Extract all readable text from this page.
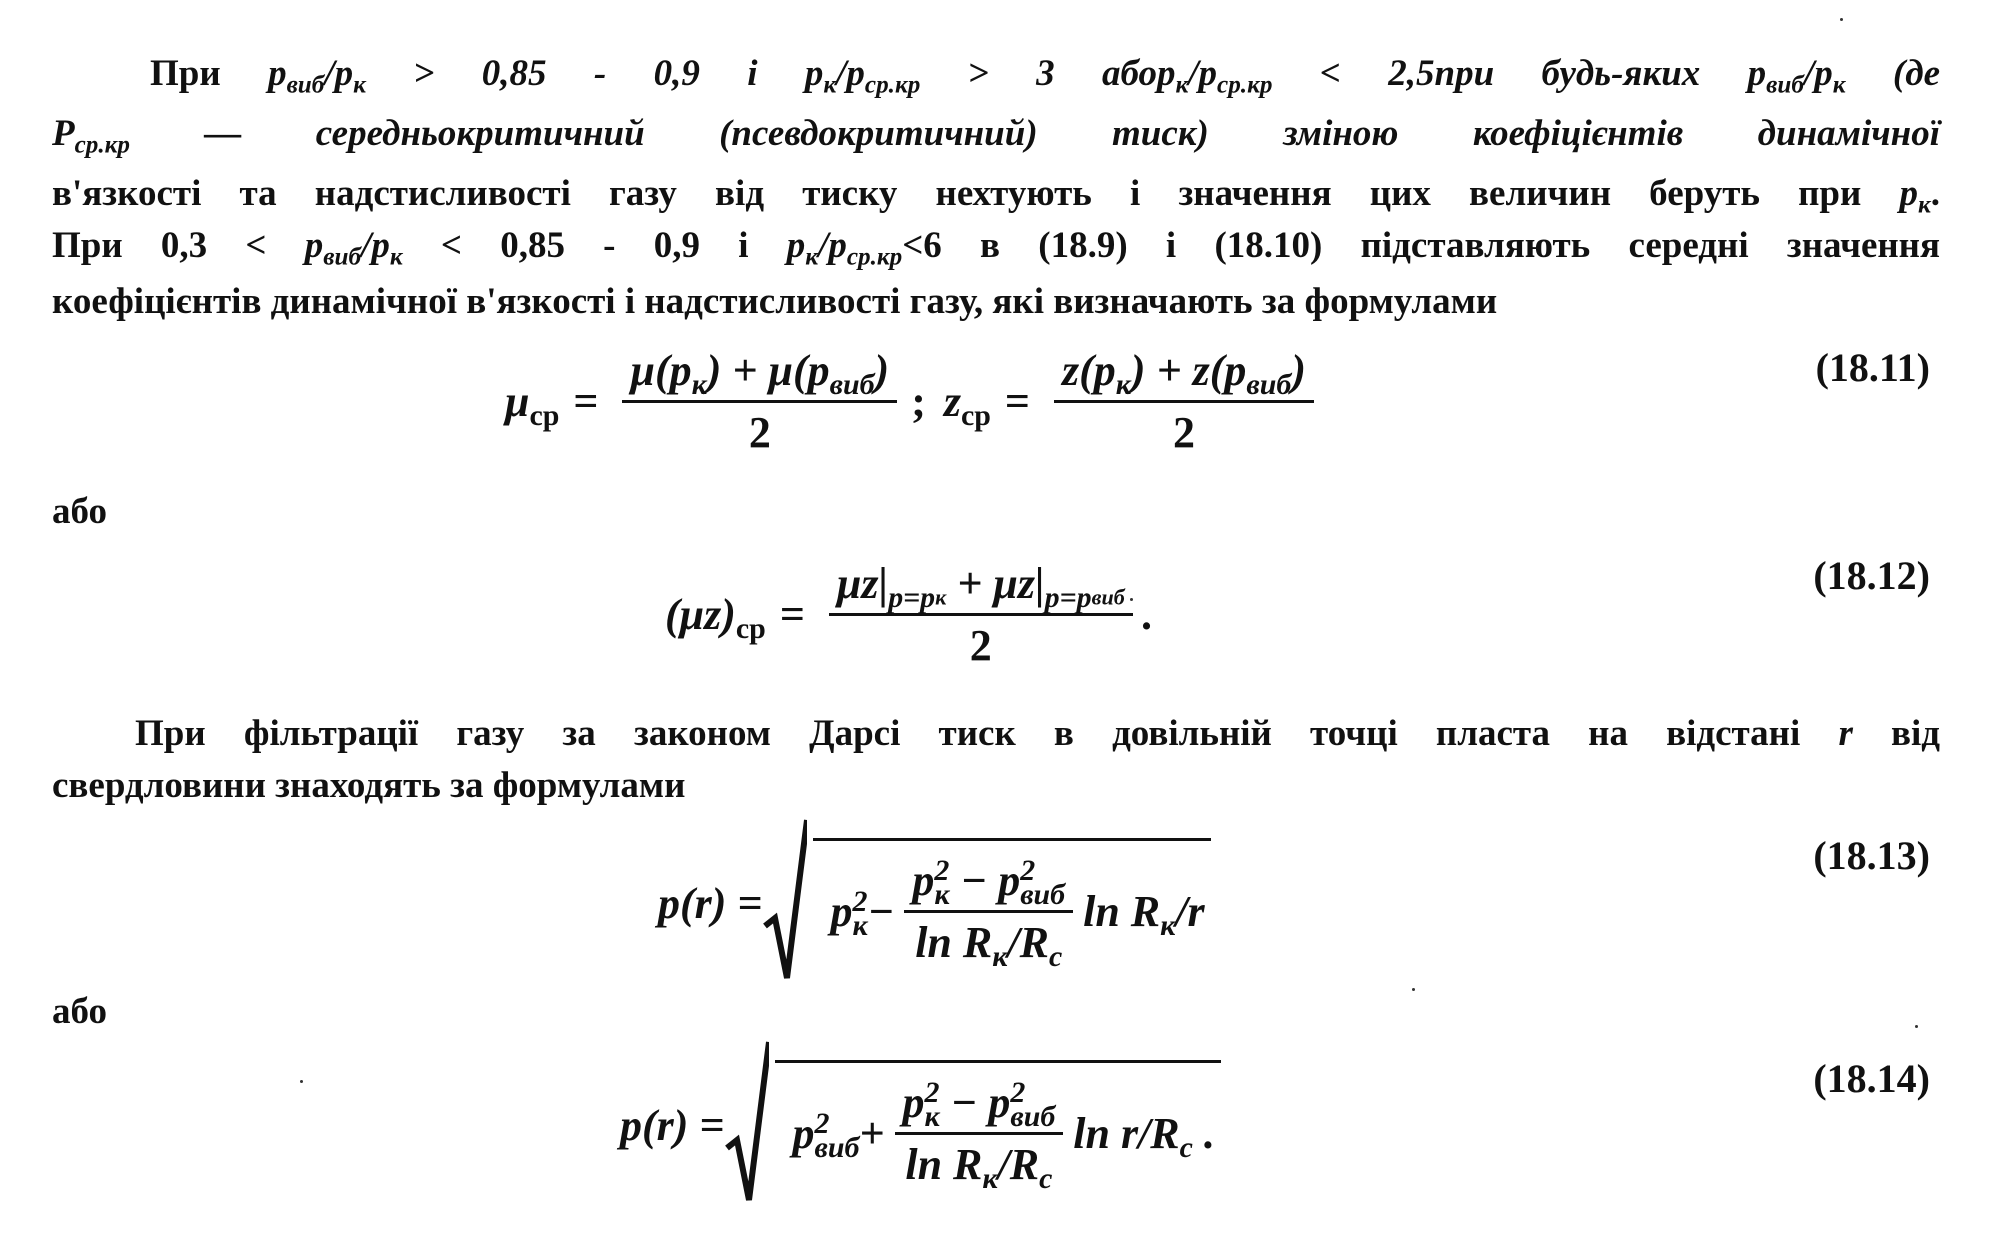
При $p_{виб}/p_к > 0,85 - 0,9$ і $p_к/p_{ср.кр} > 3$ $абоp_к/p_{ср.кр} < 2,5при$ будь-яких $p_{виб}/p_к$ (де
$P_{ср.кр}$ — середньокритичний (псевдокритичний) тиск) зміною коефіцієнтів динамічної
в'язкості та надстисливості газу від тиску нехтують і значення цих величин беруть при $p_к$.
При $0,3 < p_{виб}/p_к < 0,85 - 0,9$ і $p_к/p_{ср.кр}<6$ в (18.9) і (18.10) підставляють середні значення
коефіцієнтів динамічної в'язкості і надстисливості газу, які визначають за формулами
$\mu_{ср} = \frac{\mu(p_к) + \mu(p_{виб})}{2}$ ; $z_{ср} = \frac{z(p_к) + z(p_{виб})}{2}$	(18.11)
або
$(\mu z)_{ср} = \frac{\mu z|_{p=pк} + \mu z|_{p=pвиб}}{2}$ .
(18.12)
При фільтрації газу за законом Дарсі тиск в довільній точці пласта на відстані r від
свердловини знаходять за формулами
$p(r) = p^2_к - \frac{p^2_к - p^2_{виб}}{\ln R_к/R_с}$ $\ln R_к/r$
(18.13)
або
$p(r) = p^2_{виб} + \frac{p^2_к - p^2_{виб}}{\ln R_к/R_с}$ $\ln r/R_с$ .
(18.14)
